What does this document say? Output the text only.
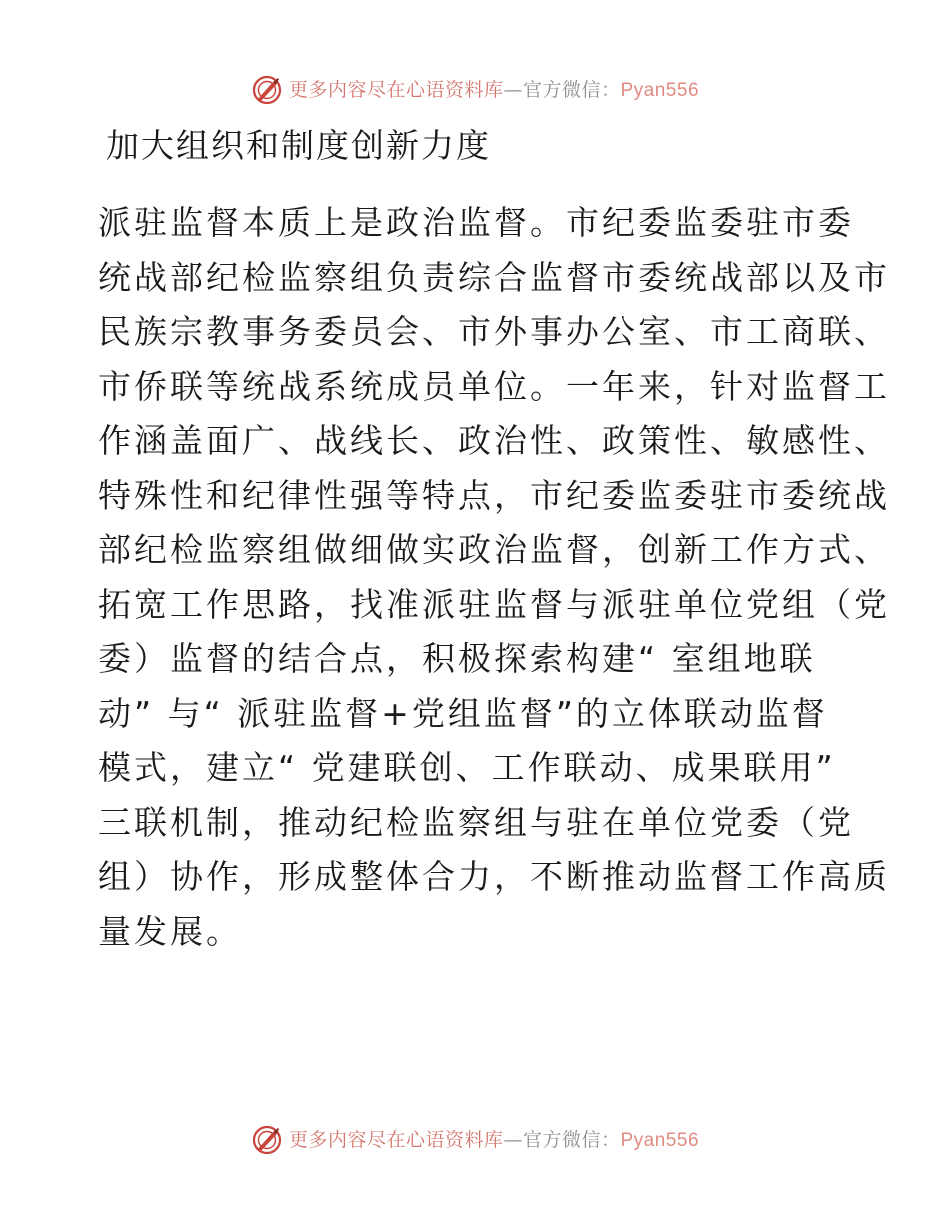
更多内容尽在心语资料库—官方微信：Pyan556
加大组织和制度创新力度
派驻监督本质上是政治监督。市纪委监委驻市委
统战部纪检监察组负责综合监督市委统战部以及市
民族宗教事务委员会、市外事办公室、市工商联、
市侨联等统战系统成员单位。一年来，针对监督工
作涵盖面广、战线长、政治性、政策性、敏感性、
特殊性和纪律性强等特点，市纪委监委驻市委统战
部纪检监察组做细做实政治监督，创新工作方式、
拓宽工作思路，找准派驻监督与派驻单位党组（党
委）监督的结合点，积极探索构建“ 室组地联
动” 与“ 派驻监督+党组监督”的立体联动监督
模式，建立“ 党建联创、工作联动、成果联用”
三联机制，推动纪检监察组与驻在单位党委（党
组）协作，形成整体合力，不断推动监督工作高质
量发展。
更多内容尽在心语资料库—官方微信：Pyan556
